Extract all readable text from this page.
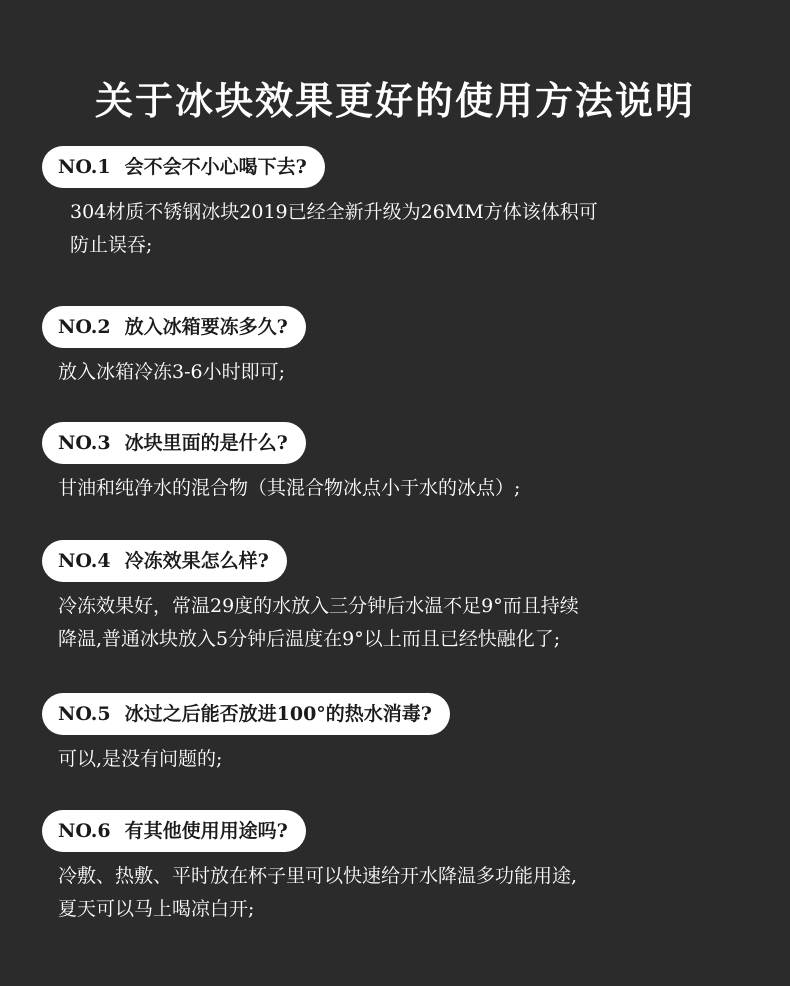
关于冰块效果更好的使用方法说明
NO.1 会不会不小心喝下去?
304材质不锈钢冰块2019已经全新升级为26MM方体该体积可
防止误吞;
NO.2 放入冰箱要冻多久?
放入冰箱冷冻3-6小时即可;
NO.3 冰块里面的是什么?
甘油和纯净水的混合物（其混合物冰点小于水的冰点）;
NO.4 冷冻效果怎么样?
冷冻效果好，常温29度的水放入三分钟后水温不足9°而且持续
降温,普通冰块放入5分钟后温度在9°以上而且已经快融化了;
NO.5 冰过之后能否放进100°的热水消毒?
可以,是没有问题的;
NO.6 有其他使用用途吗?
冷敷、热敷、平时放在杯子里可以快速给开水降温多功能用途,
夏天可以马上喝凉白开;
